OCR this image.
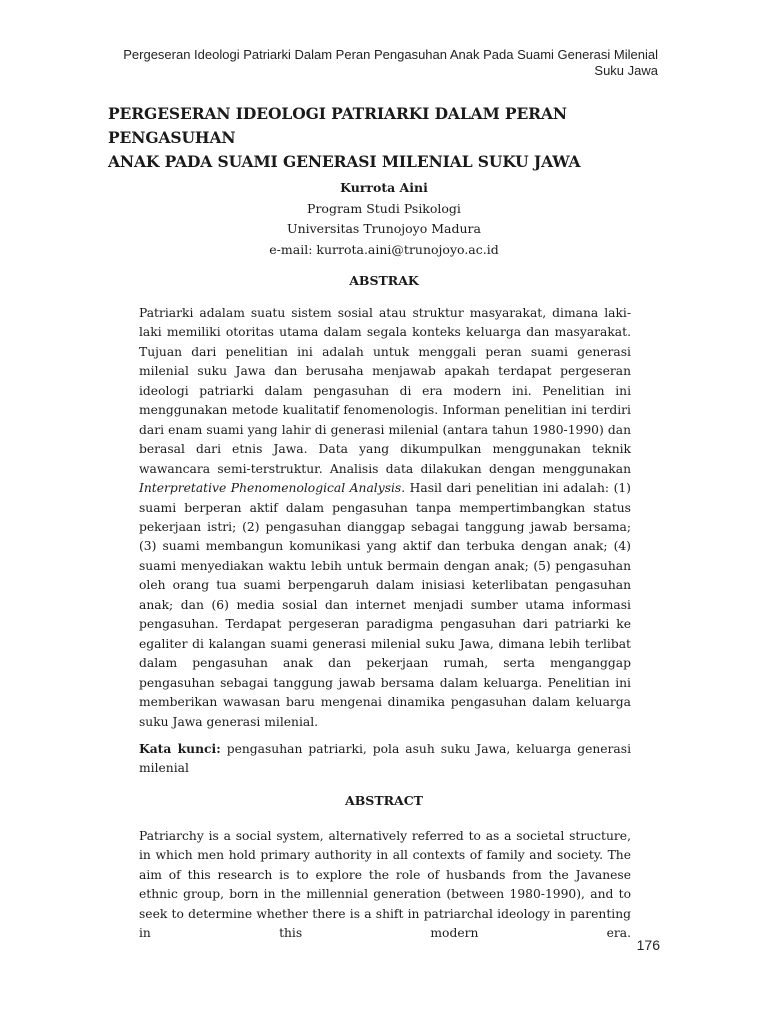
Pergeseran Ideologi Patriarki Dalam Peran Pengasuhan Anak Pada Suami Generasi Milenial
Suku Jawa
PERGESERAN IDEOLOGI PATRIARKI DALAM PERAN PENGASUHAN
ANAK PADA SUAMI GENERASI MILENIAL SUKU JAWA
Kurrota Aini
Program Studi Psikologi
Universitas Trunojoyo Madura
e-mail: kurrota.aini@trunojoyo.ac.id
ABSTRAK

Patriarki adalam suatu sistem sosial atau struktur masyarakat, dimana laki-laki memiliki otoritas utama dalam segala konteks keluarga dan masyarakat. Tujuan dari penelitian ini adalah untuk menggali peran suami generasi milenial suku Jawa dan berusaha menjawab apakah terdapat pergeseran ideologi patriarki dalam pengasuhan di era modern ini. Penelitian ini menggunakan metode kualitatif fenomenologis. Informan penelitian ini terdiri dari enam suami yang lahir di generasi milenial (antara tahun 1980-1990) dan berasal dari etnis Jawa. Data yang dikumpulkan menggunakan teknik wawancara semi-terstruktur. Analisis data dilakukan dengan menggunakan Interpretative Phenomenological Analysis. Hasil dari penelitian ini adalah: (1) suami berperan aktif dalam pengasuhan tanpa mempertimbangkan status pekerjaan istri; (2) pengasuhan dianggap sebagai tanggung jawab bersama; (3) suami membangun komunikasi yang aktif dan terbuka dengan anak; (4) suami menyediakan waktu lebih untuk bermain dengan anak; (5) pengasuhan oleh orang tua suami berpengaruh dalam inisiasi keterlibatan pengasuhan anak; dan (6) media sosial dan internet menjadi sumber utama informasi pengasuhan. Terdapat pergeseran paradigma pengasuhan dari patriarki ke egaliter di kalangan suami generasi milenial suku Jawa, dimana lebih terlibat dalam pengasuhan anak dan pekerjaan rumah, serta menganggap pengasuhan sebagai tanggung jawab bersama dalam keluarga. Penelitian ini memberikan wawasan baru mengenai dinamika pengasuhan dalam keluarga suku Jawa generasi milenial.

Kata kunci: pengasuhan patriarki, pola asuh suku Jawa, keluarga generasi milenial

ABSTRACT

Patriarchy is a social system, alternatively referred to as a societal structure, in which men hold primary authority in all contexts of family and society. The aim of this research is to explore the role of husbands from the Javanese ethnic group, born in the millennial generation (between 1980-1990), and to seek to determine whether there is a shift in patriarchal ideology in parenting in this modern era.

176
